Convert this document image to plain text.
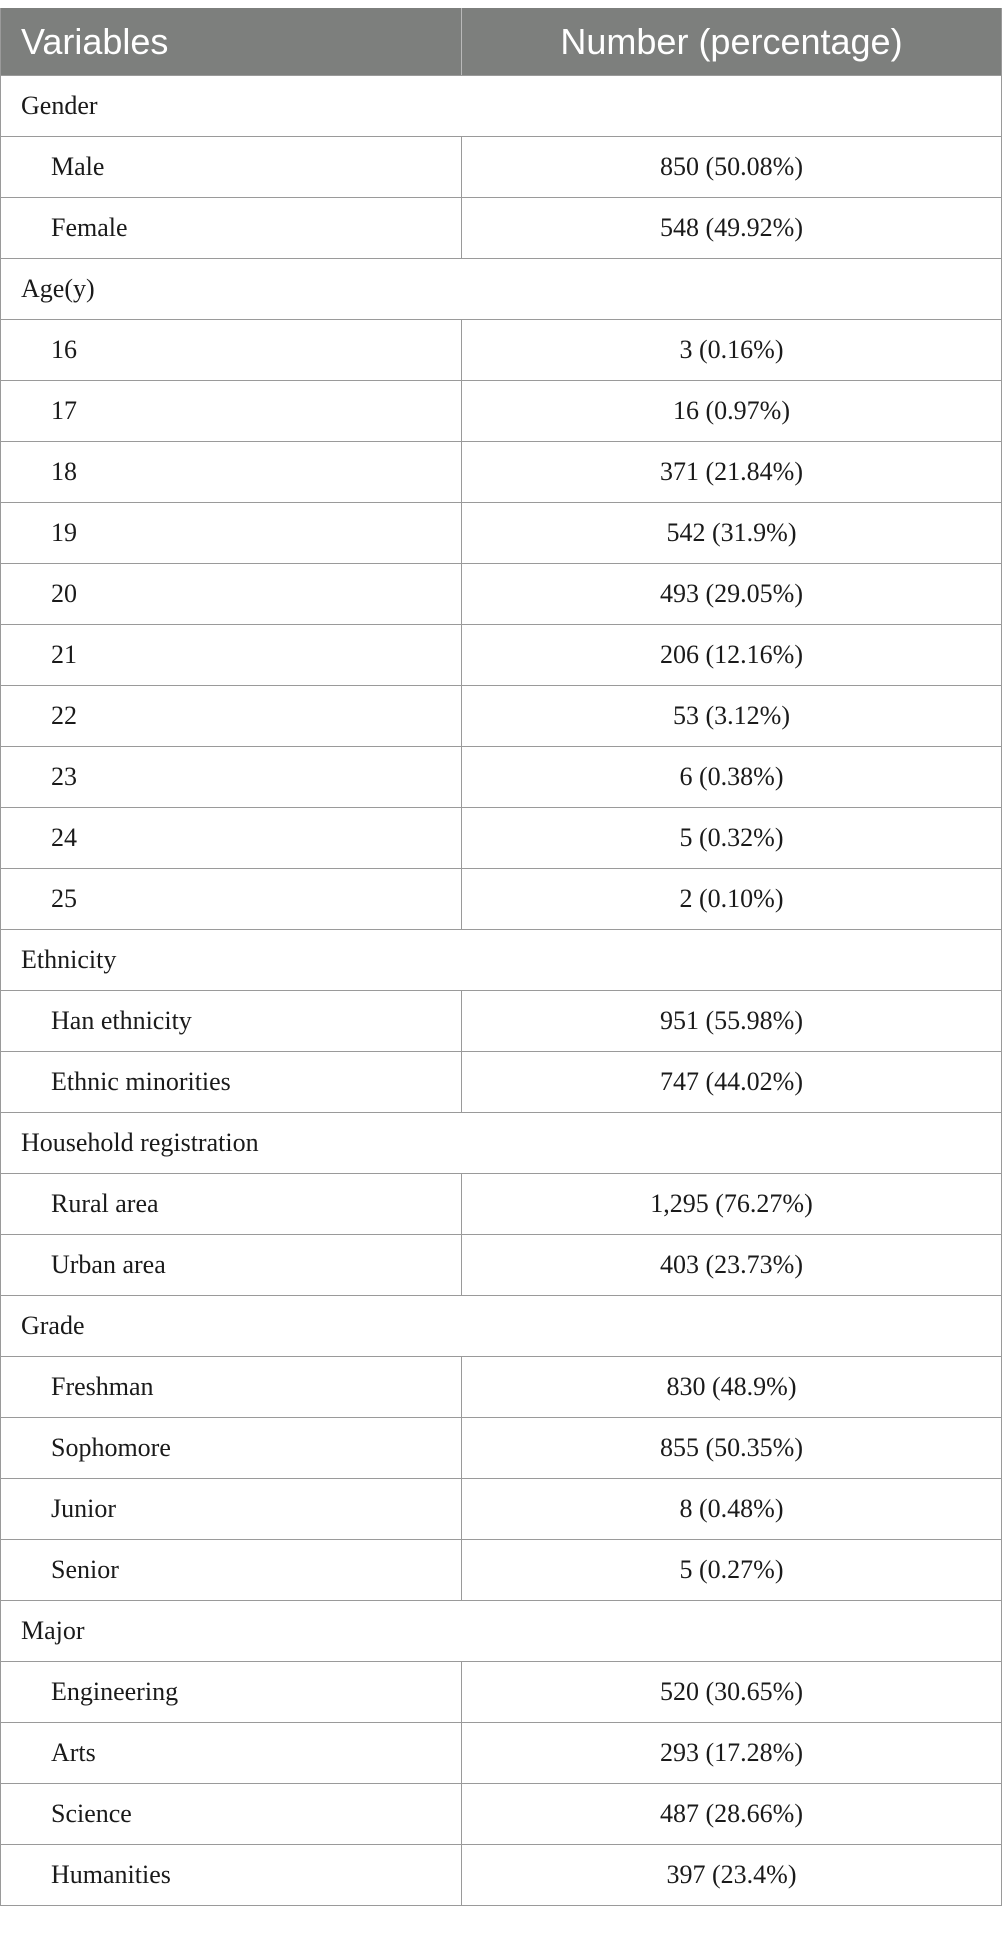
Variables	Number (percentage)
Gender	
Male	850 (50.08%)
Female	548 (49.92%)
Age(y)	
16	3 (0.16%)
17	16 (0.97%)
18	371 (21.84%)
19	542 (31.9%)
20	493 (29.05%)
21	206 (12.16%)
22	53 (3.12%)
23	6 (0.38%)
24	5 (0.32%)
25	2 (0.10%)
Ethnicity	
Han ethnicity	951 (55.98%)
Ethnic minorities	747 (44.02%)
Household registration	
Rural area	1,295 (76.27%)
Urban area	403 (23.73%)
Grade	
Freshman	830 (48.9%)
Sophomore	855 (50.35%)
Junior	8 (0.48%)
Senior	5 (0.27%)
Major	
Engineering	520 (30.65%)
Arts	293 (17.28%)
Science	487 (28.66%)
Humanities	397 (23.4%)
